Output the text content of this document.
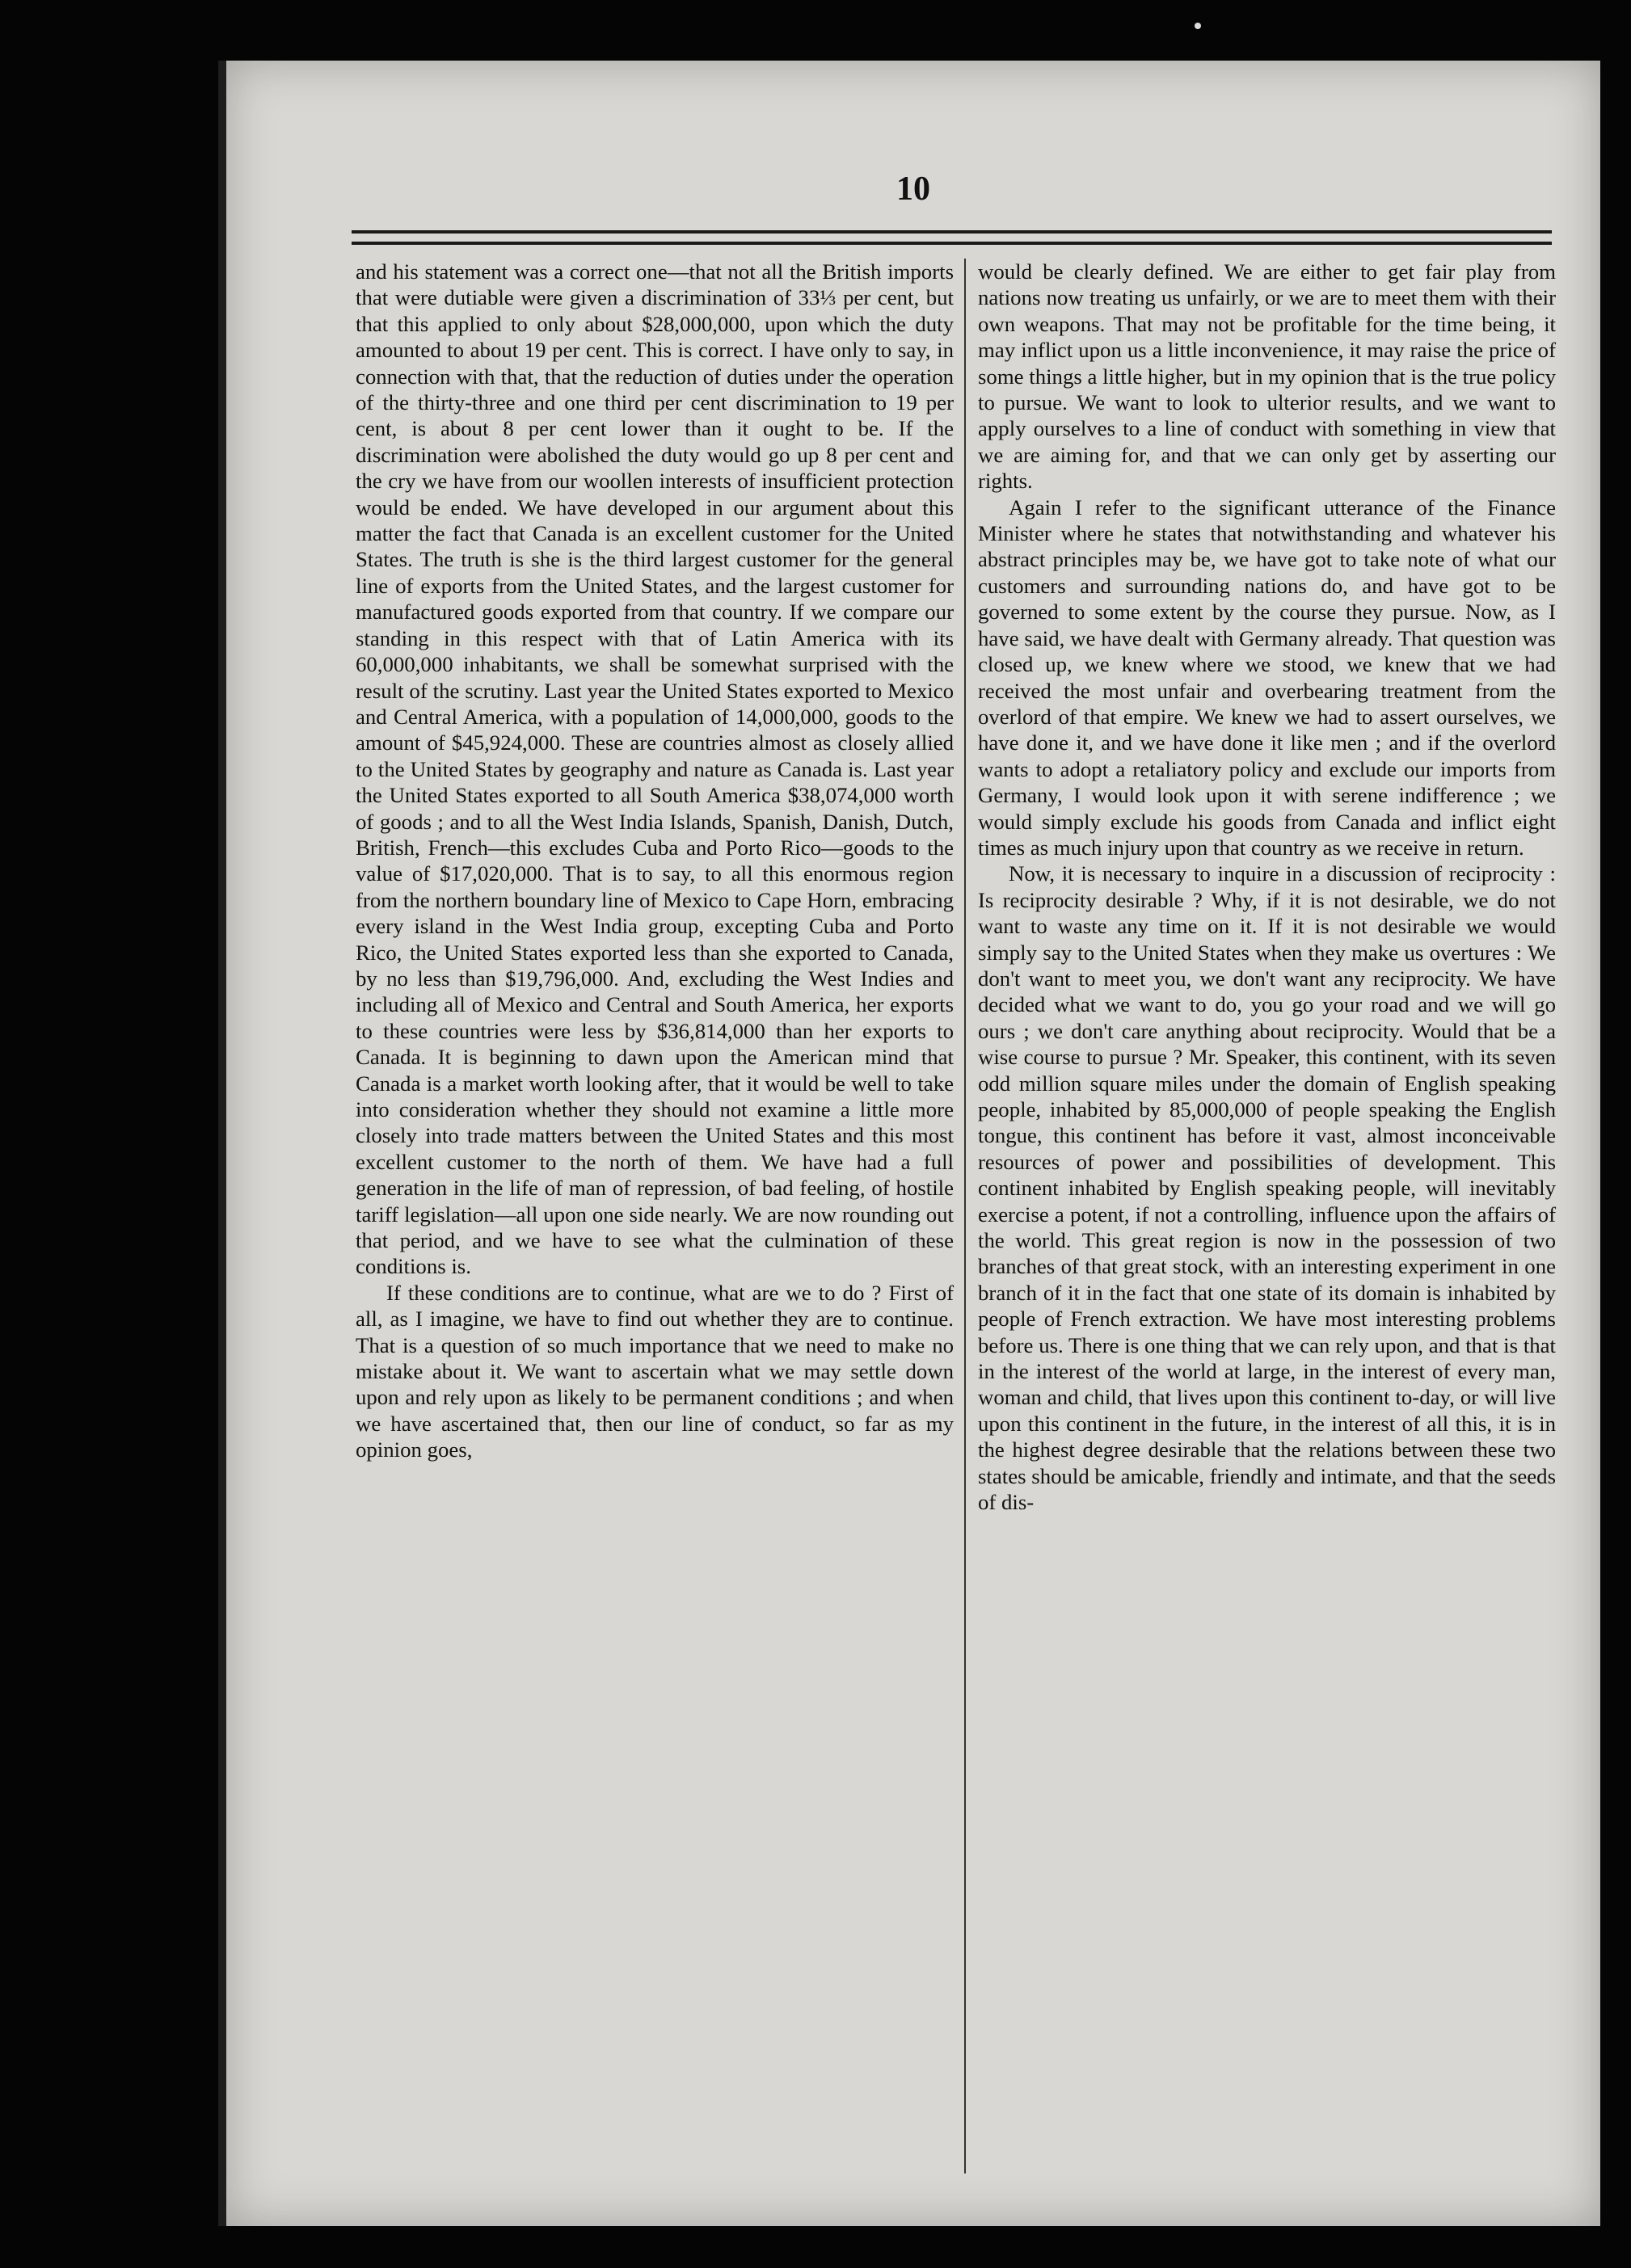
10

and his statement was a correct one—that not all the British imports that were dutiable were given a discrimination of 33⅓ per cent, but that this applied to only about $28,000,000, upon which the duty amounted to about 19 per cent. This is correct. I have only to say, in connection with that, that the reduction of duties under the operation of the thirty-three and one third per cent discrimination to 19 per cent, is about 8 per cent lower than it ought to be. If the discrimination were abolished the duty would go up 8 per cent and the cry we have from our woollen interests of insufficient protection would be ended. We have developed in our argument about this matter the fact that Canada is an excellent customer for the United States. The truth is she is the third largest customer for the general line of exports from the United States, and the largest customer for manufactured goods exported from that country. If we compare our standing in this respect with that of Latin America with its 60,000,000 inhabitants, we shall be somewhat surprised with the result of the scrutiny. Last year the United States exported to Mexico and Central America, with a population of 14,000,000, goods to the amount of $45,924,000. These are countries almost as closely allied to the United States by geography and nature as Canada is. Last year the United States exported to all South America $38,074,000 worth of goods ; and to all the West India Islands, Spanish, Danish, Dutch, British, French—this excludes Cuba and Porto Rico—goods to the value of $17,020,000. That is to say, to all this enormous region from the northern boundary line of Mexico to Cape Horn, embracing every island in the West India group, excepting Cuba and Porto Rico, the United States exported less than she exported to Canada, by no less than $19,796,000. And, excluding the West Indies and including all of Mexico and Central and South America, her exports to these countries were less by $36,814,000 than her exports to Canada. It is beginning to dawn upon the American mind that Canada is a market worth looking after, that it would be well to take into consideration whether they should not examine a little more closely into trade matters between the United States and this most excellent customer to the north of them. We have had a full generation in the life of man of repression, of bad feeling, of hostile tariff legislation—all upon one side nearly. We are now rounding out that period, and we have to see what the culmination of these conditions is.

If these conditions are to continue, what are we to do ? First of all, as I imagine, we have to find out whether they are to continue. That is a question of so much importance that we need to make no mistake about it. We want to ascertain what we may settle down upon and rely upon as likely to be permanent conditions ; and when we have ascertained that, then our line of conduct, so far as my opinion goes,

would be clearly defined. We are either to get fair play from nations now treating us unfairly, or we are to meet them with their own weapons. That may not be profitable for the time being, it may inflict upon us a little inconvenience, it may raise the price of some things a little higher, but in my opinion that is the true policy to pursue. We want to look to ulterior results, and we want to apply ourselves to a line of conduct with something in view that we are aiming for, and that we can only get by asserting our rights.

Again I refer to the significant utterance of the Finance Minister where he states that notwithstanding and whatever his abstract principles may be, we have got to take note of what our customers and surrounding nations do, and have got to be governed to some extent by the course they pursue. Now, as I have said, we have dealt with Germany already. That question was closed up, we knew where we stood, we knew that we had received the most unfair and overbearing treatment from the overlord of that empire. We knew we had to assert ourselves, we have done it, and we have done it like men ; and if the overlord wants to adopt a retaliatory policy and exclude our imports from Germany, I would look upon it with serene indifference ; we would simply exclude his goods from Canada and inflict eight times as much injury upon that country as we receive in return.

Now, it is necessary to inquire in a discussion of reciprocity : Is reciprocity desirable ? Why, if it is not desirable, we do not want to waste any time on it. If it is not desirable we would simply say to the United States when they make us overtures : We don't want to meet you, we don't want any reciprocity. We have decided what we want to do, you go your road and we will go ours ; we don't care anything about reciprocity. Would that be a wise course to pursue ? Mr. Speaker, this continent, with its seven odd million square miles under the domain of English speaking people, inhabited by 85,000,000 of people speaking the English tongue, this continent has before it vast, almost inconceivable resources of power and possibilities of development. This continent inhabited by English speaking people, will inevitably exercise a potent, if not a controlling, influence upon the affairs of the world. This great region is now in the possession of two branches of that great stock, with an interesting experiment in one branch of it in the fact that one state of its domain is inhabited by people of French extraction. We have most interesting problems before us. There is one thing that we can rely upon, and that is that in the interest of the world at large, in the interest of every man, woman and child, that lives upon this continent to-day, or will live upon this continent in the future, in the interest of all this, it is in the highest degree desirable that the relations between these two states should be amicable, friendly and intimate, and that the seeds of dis-
